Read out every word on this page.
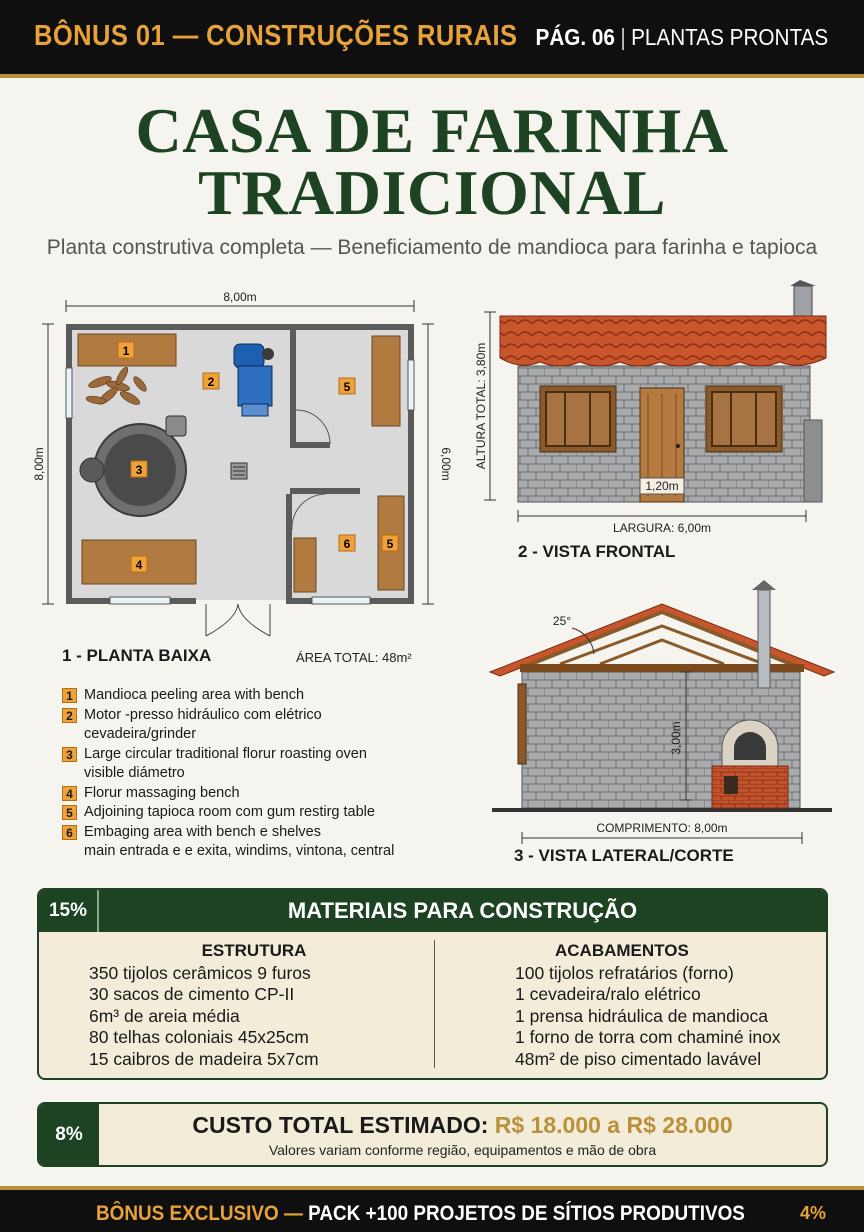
BÔNUS 01 — CONSTRUÇÕES RURAIS PÁG. 06 | PLANTAS PRONTAS
CASA DE FARINHA
TRADICIONAL
Planta construtiva completa — Beneficiamento de mandioca para farinha e tapioca
8,00m
8,00m	6,00m
1
2
3
4
5
5
6
ALTURA TOTAL: 3,80m
1,20m
LARGURA: 6,00m
3,00m
25°
COMPRIMENTO: 8,00m
1 - PLANTA BAIXA	ÁREA TOTAL: 48m²
2 - VISTA FRONTAL
3 - VISTA LATERAL/CORTE
1 Mandioca peeling area with bench
2 Motor -presso hidráulico com elétrico
cevadeira/grinder
3 Large circular traditional florur roasting oven
visible diámetro
4 Florur massaging bench
5 Adjoining tapioca room com gum restirg table
6 Embaging area with bench e shelves
main entrada e e exita, windims, vintona, central
15%	MATERIAIS PARA CONSTRUÇÃO
ESTRUTURA
350 tijolos cerâmicos 9 furos
30 sacos de cimento CP-II
6m³ de areia média
80 telhas coloniais 45x25cm
15 caibros de madeira 5x7cm
ACABAMENTOS
100 tijolos refratários (forno)
1 cevadeira/ralo elétrico
1 prensa hidráulica de mandioca
1 forno de torra com chaminé inox
48m² de piso cimentado lavável
8%	CUSTO TOTAL ESTIMADO: R$ 18.000 a R$ 28.000
Valores variam conforme região, equipamentos e mão de obra
BÔNUS EXCLUSIVO — PACK +100 PROJETOS DE SÍTIOS PRODUTIVOS	4%
